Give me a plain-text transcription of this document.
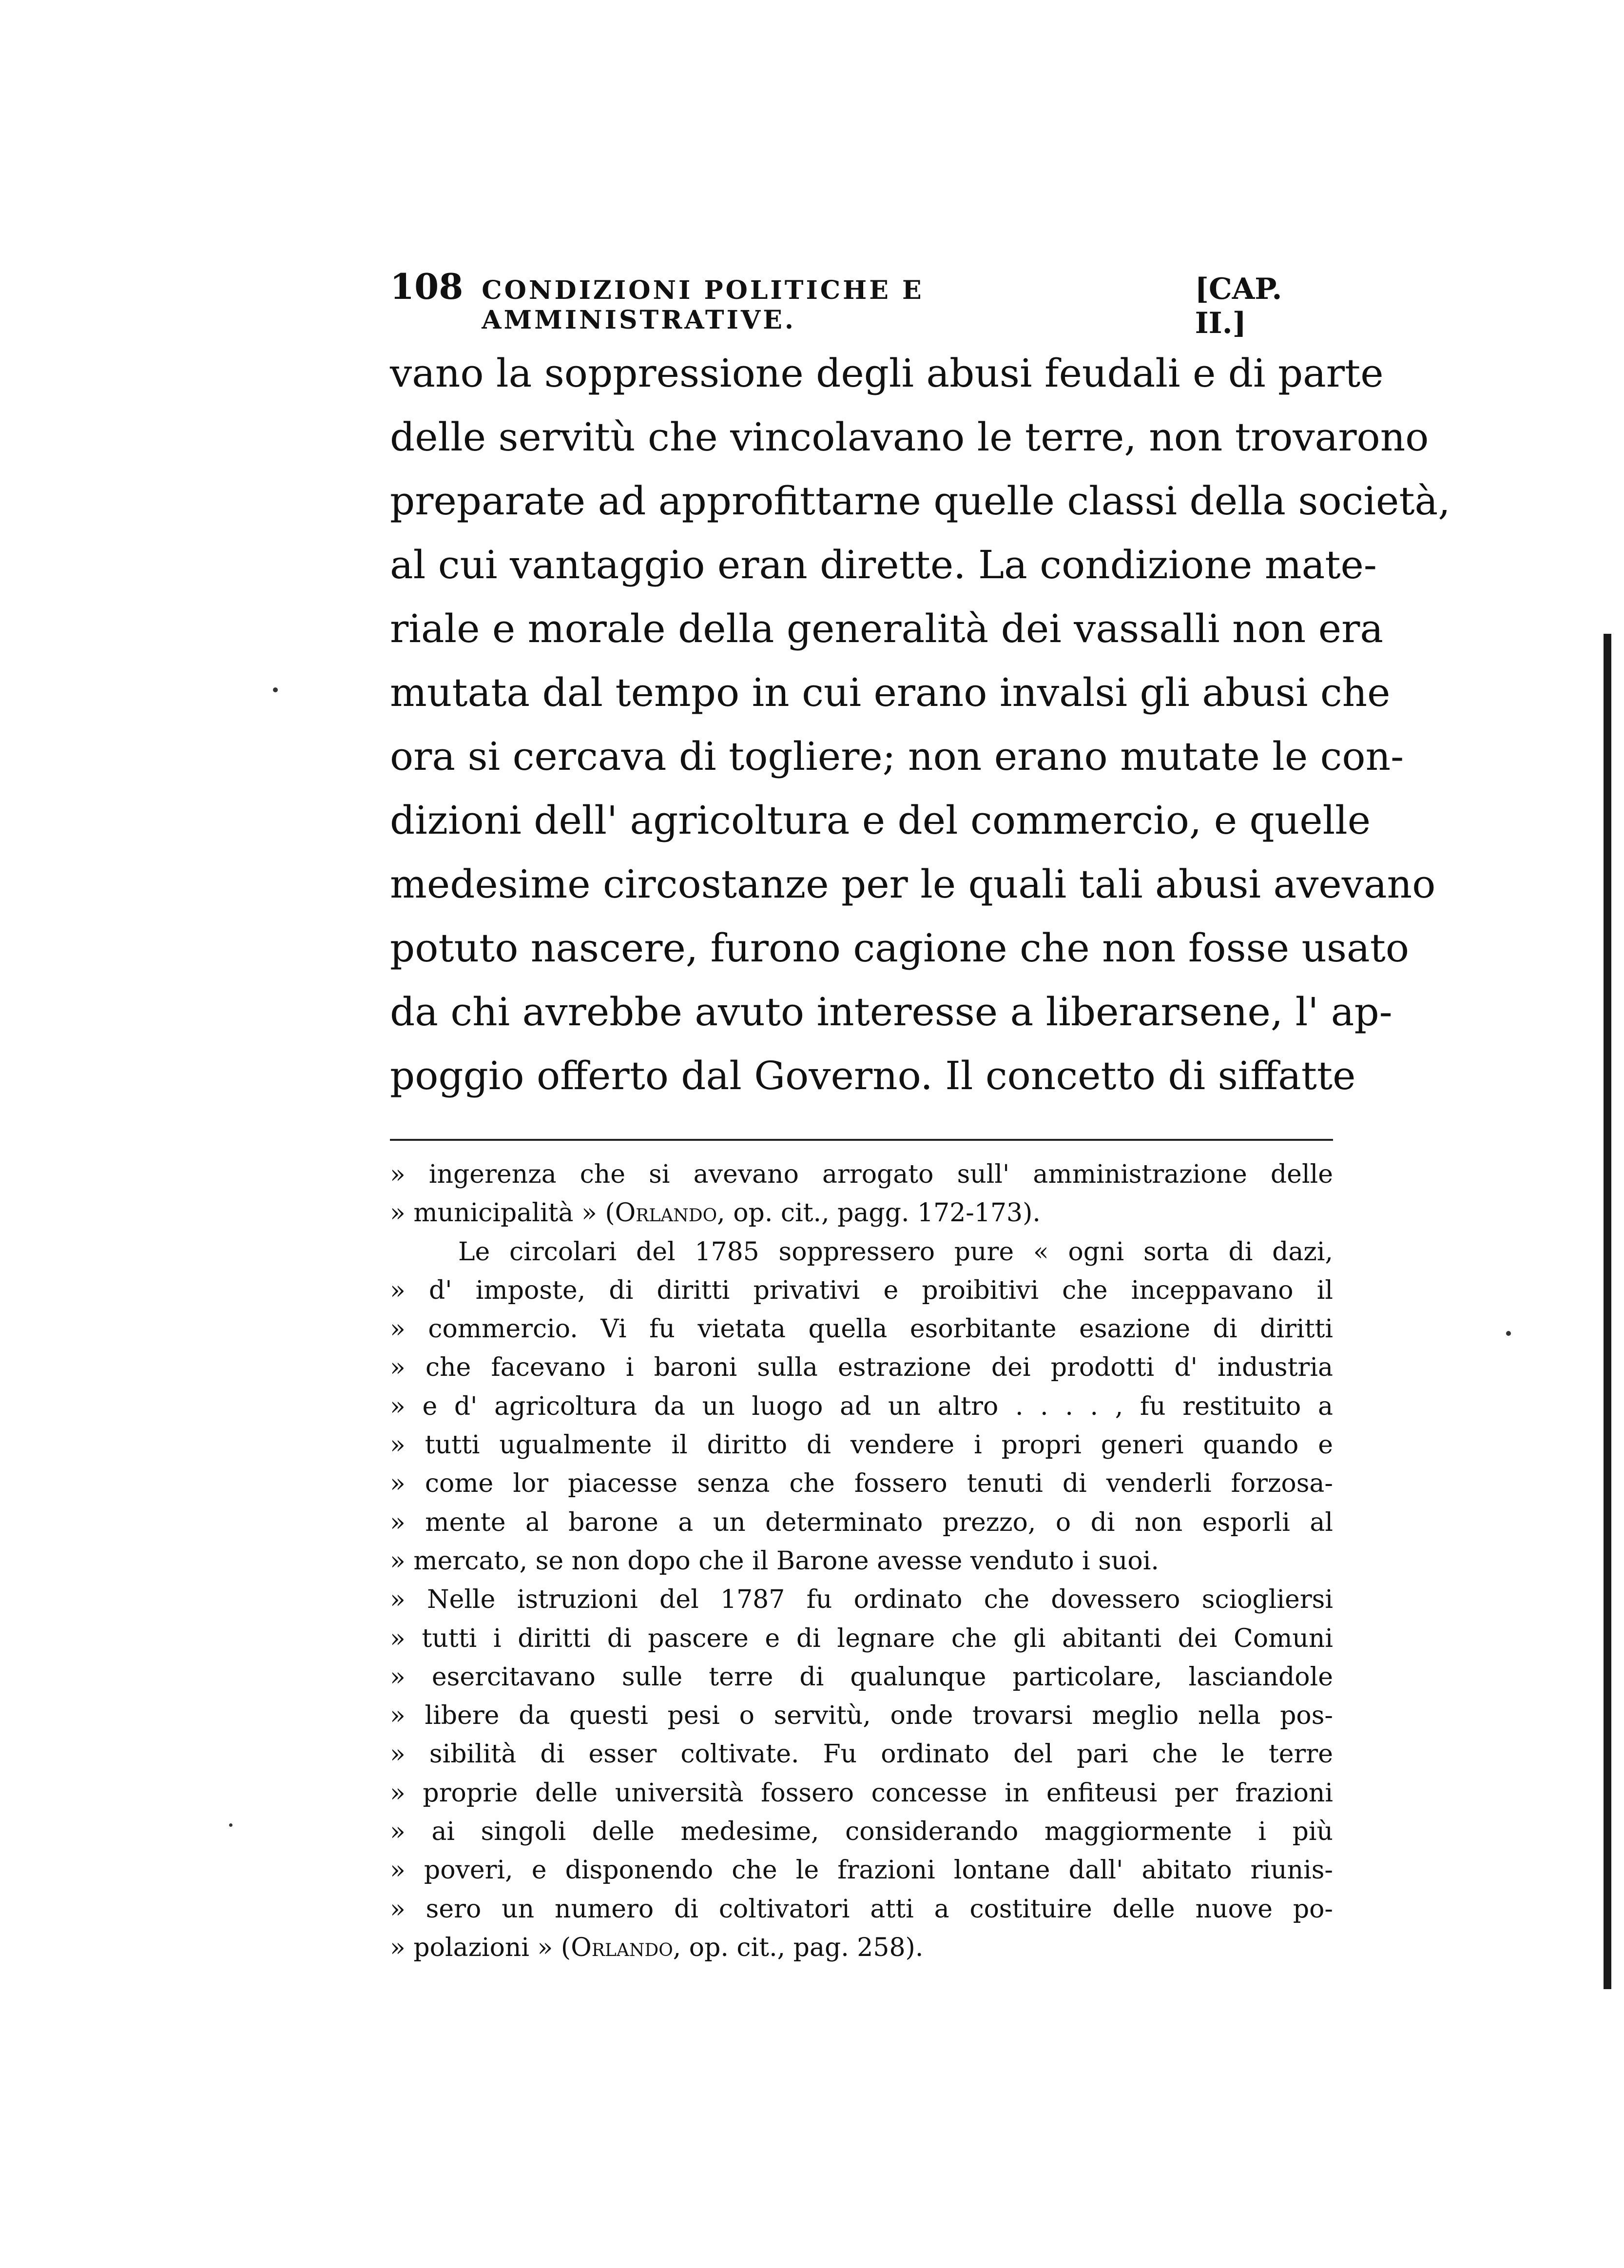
108 CONDIZIONI POLITICHE E AMMINISTRATIVE.
[CAP. II.]
vano la soppressione degli abusi feudali e di parte
delle servitù che vincolavano le terre, non trovarono
preparate ad approfittarne quelle classi della società,
al cui vantaggio eran dirette. La condizione mate-
riale e morale della generalità dei vassalli non era
mutata dal tempo in cui erano invalsi gli abusi che
ora si cercava di togliere; non erano mutate le con-
dizioni dell' agricoltura e del commercio, e quelle
medesime circostanze per le quali tali abusi avevano
potuto nascere, furono cagione che non fosse usato
da chi avrebbe avuto interesse a liberarsene, l' ap-
poggio offerto dal Governo. Il concetto di siffatte
» ingerenza che si avevano arrogato sull' amministrazione delle
» municipalità » (Orlando, op. cit., pagg. 172-173).
Le circolari del 1785 soppressero pure « ogni sorta di dazi,
» d' imposte, di diritti privativi e proibitivi che inceppavano il
» commercio. Vi fu vietata quella esorbitante esazione di diritti
» che facevano i baroni sulla estrazione dei prodotti d' industria
» e d' agricoltura da un luogo ad un altro . . . . , fu restituito a
» tutti ugualmente il diritto di vendere i propri generi quando e
» come lor piacesse senza che fossero tenuti di venderli forzosa-
» mente al barone a un determinato prezzo, o di non esporli al
» mercato, se non dopo che il Barone avesse venduto i suoi.
» Nelle istruzioni del 1787 fu ordinato che dovessero sciogliersi
» tutti i diritti di pascere e di legnare che gli abitanti dei Comuni
» esercitavano sulle terre di qualunque particolare, lasciandole
» libere da questi pesi o servitù, onde trovarsi meglio nella pos-
» sibilità di esser coltivate. Fu ordinato del pari che le terre
» proprie delle università fossero concesse in enfiteusi per frazioni
» ai singoli delle medesime, considerando maggiormente i più
» poveri, e disponendo che le frazioni lontane dall' abitato riunis-
» sero un numero di coltivatori atti a costituire delle nuove po-
» polazioni » (Orlando, op. cit., pag. 258).
